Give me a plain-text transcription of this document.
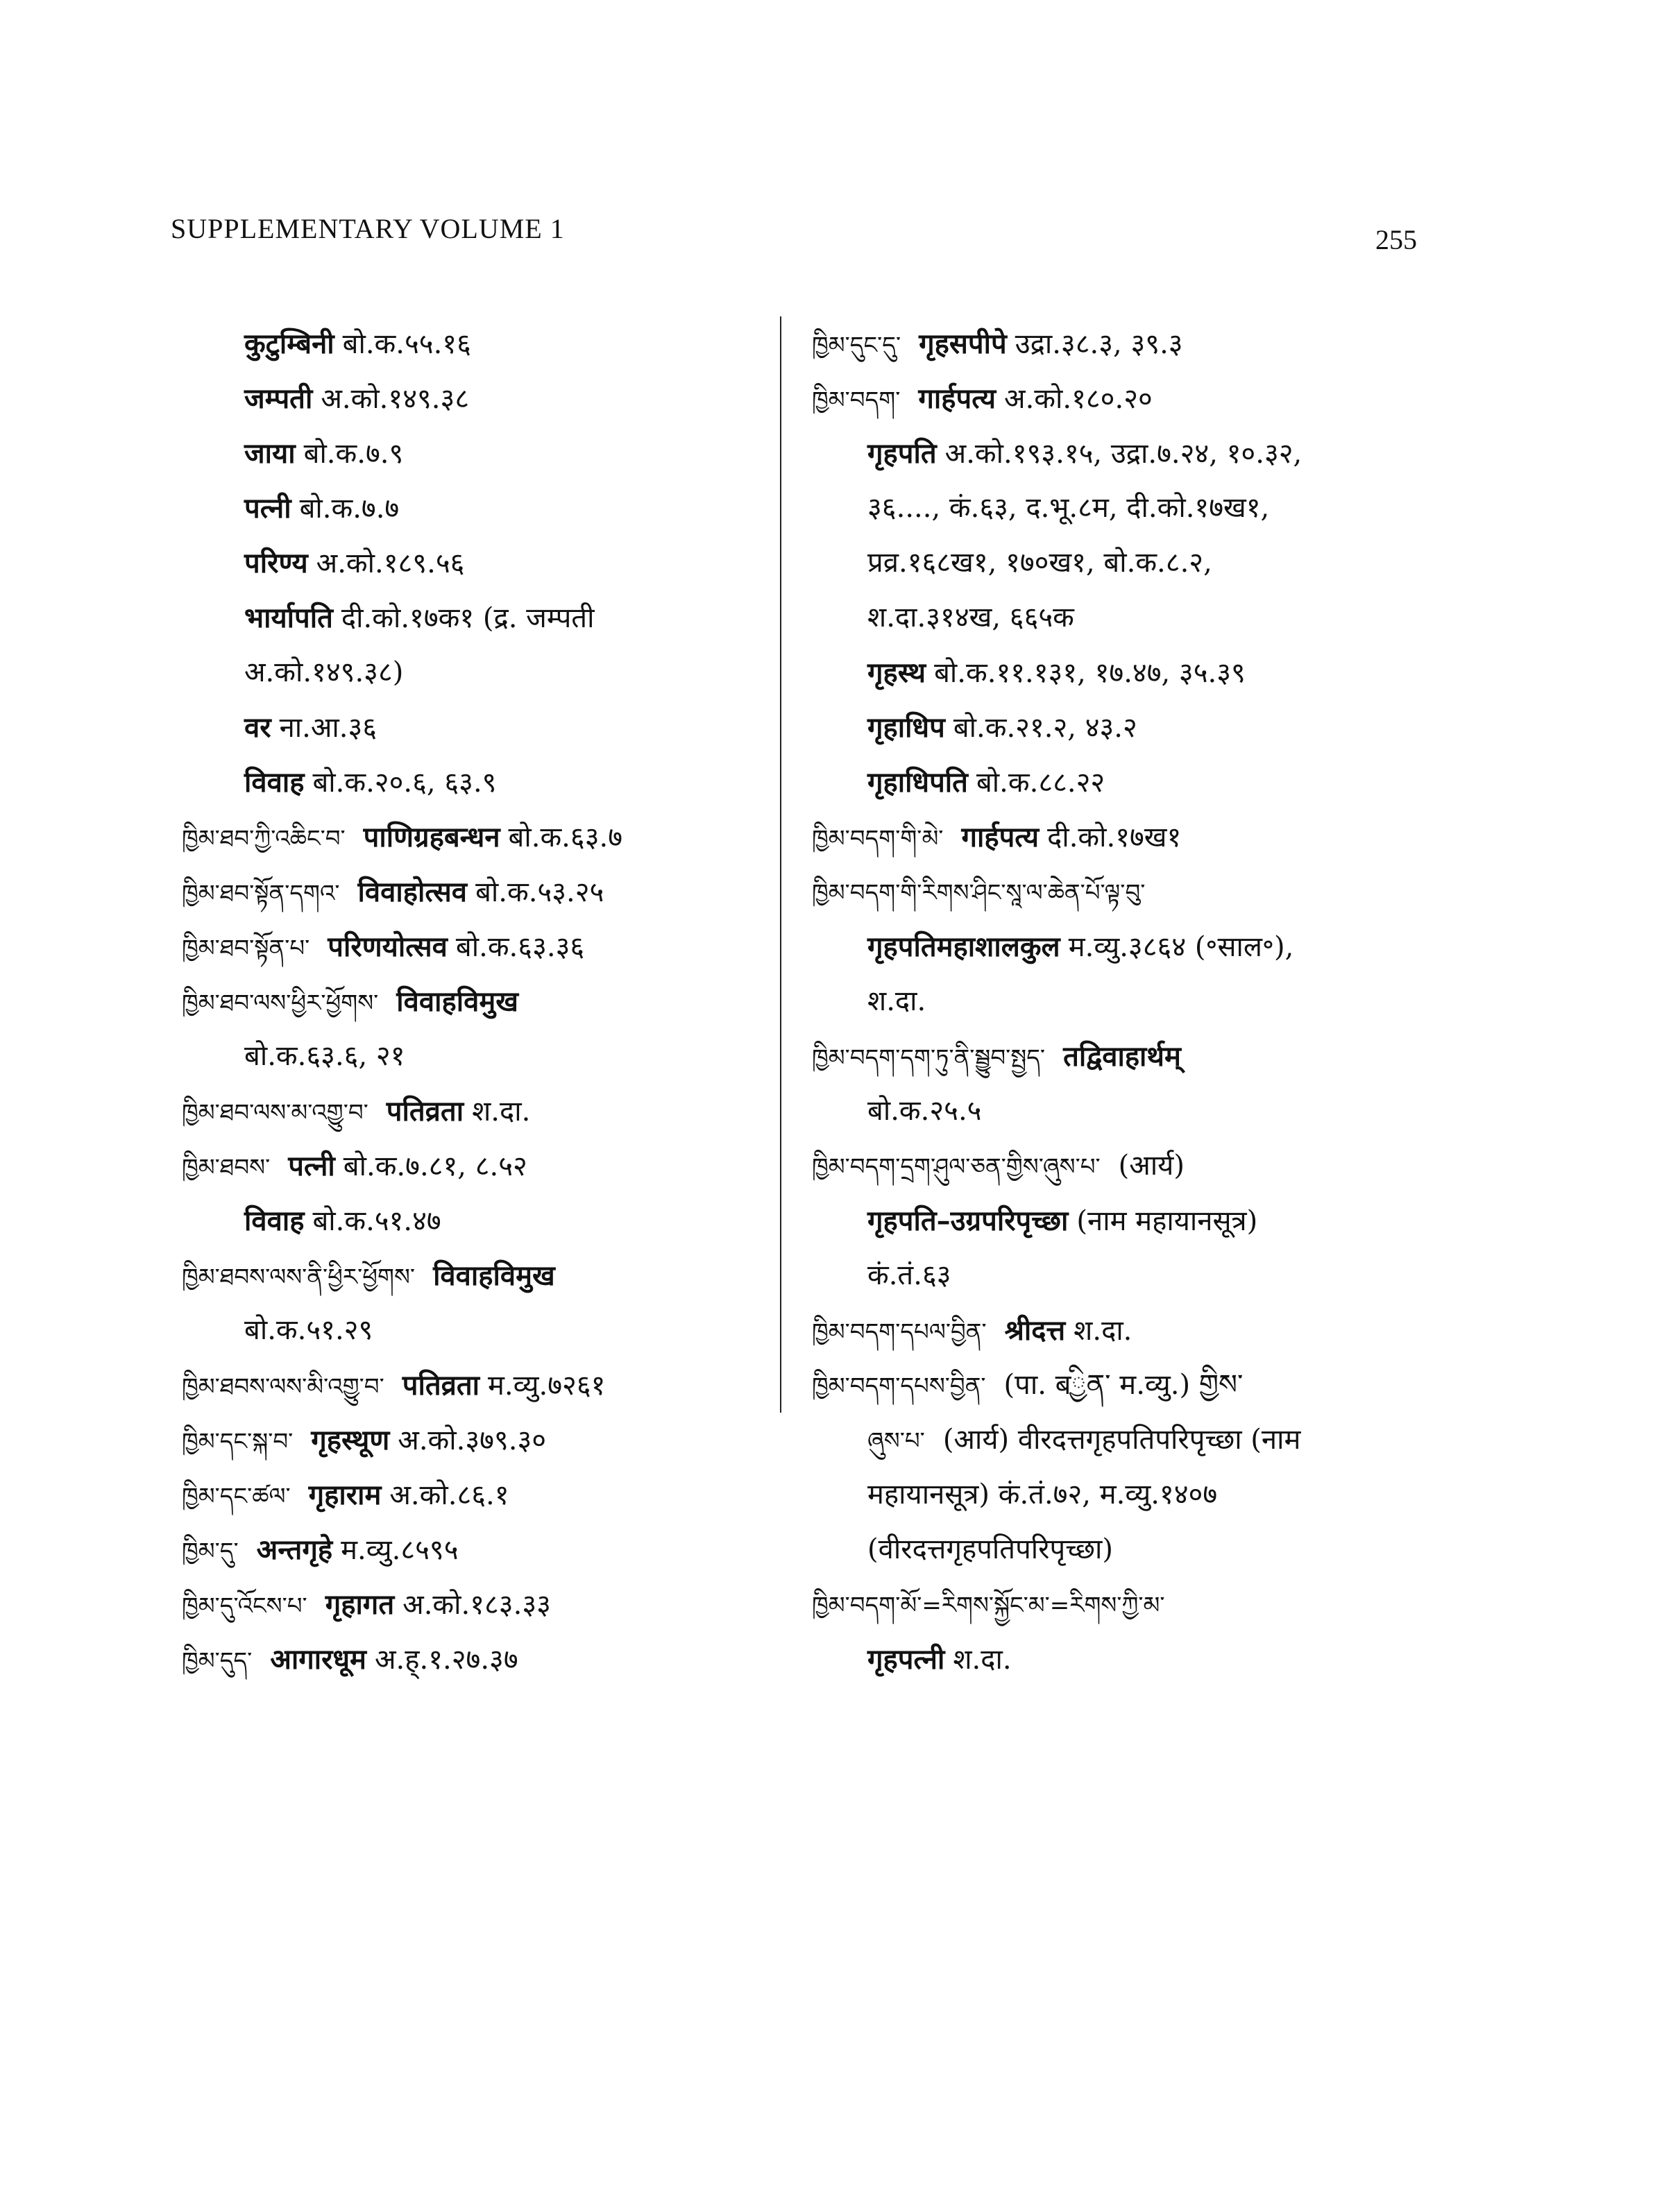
SUPPLEMENTARY VOLUME 1	255
कुटुम्बिनी बो.क.५५.१६
जम्पती अ.को.१४९.३८
जाया बो.क.७.९
पत्नी बो.क.७.७
परिण्य अ.को.१८९.५६
भार्यापति दी.को.१७क१ (द्र. जम्पती
अ.को.१४९.३८)
वर ना.आ.३६
विवाह बो.क.२०.६, ६३.९
ཁྱིམ་ཐབ་ཀྱི་འཆིང་བ་ पाणिग्रहबन्धन बो.क.६३.७
ཁྱིམ་ཐབ་སྟོན་དགའ་ विवाहोत्सव बो.क.५३.२५
ཁྱིམ་ཐབ་སྟོན་པ་ परिणयोत्सव बो.क.६३.३६
ཁྱིམ་ཐབ་ལས་ཕྱིར་ཕྱོགས་ विवाहविमुख
बो.क.६३.६, २१
ཁྱིམ་ཐབ་ལས་མ་འགྱུ་བ་ पतिव्रता श.दा.
ཁྱིམ་ཐབས་ पत्नी बो.क.७.८१, ८.५२
विवाह बो.क.५१.४७
ཁྱིམ་ཐབས་ལས་ནི་ཕྱིར་ཕྱོགས་ विवाहविमुख
बो.क.५१.२९
ཁྱིམ་ཐབས་ལས་མི་འགྱུ་བ་ पतिव्रता म.व्यु.७२६१
ཁྱིམ་དང་སྐ་བ་ गृहस्थूण अ.को.३७९.३०
ཁྱིམ་དང་ཚལ་ गृहाराम अ.को.८६.१
ཁྱིམ་དུ་ अन्तगृहे म.व्यु.८५९५
ཁྱིམ་དུ་འོངས་པ་ गृहागत अ.को.१८३.३३
ཁྱིམ་དུད་ आगारधूम अ.ह्.१.२७.३७
ཁྱིམ་དུང་དུ་ गृहसपीपे उद्रा.३८.३, ३९.३
ཁྱིམ་བདག་ गार्हपत्य अ.को.१८०.२०
गृहपति अ.को.१९३.१५, उद्रा.७.२४, १०.३२,
३६...., कं.६३, द.भू.८म, दी.को.१७ख१,
प्रव्र.१६८ख१, १७०ख१, बो.क.८.२,
श.दा.३१४ख, ६६५क
गृहस्थ बो.क.११.१३१, १७.४७, ३५.३९
गृहाधिप बो.क.२१.२, ४३.२
गृहाधिपति बो.क.८८.२२
ཁྱིམ་བདག་གི་མེ་ गार्हपत्य दी.को.१७ख१
ཁྱིམ་བདག་གི་རིགས་ཤིང་སཱ་ལ་ཆེན་པོ་ལྟ་བུ་
गृहपतिमहाशालकुल म.व्यु.३८६४ (॰साल॰),
श.दा.
ཁྱིམ་བདག་དག་ཏུ་ནི་སྦྱུབ་སྤྱད་ तद्विवाहार्थम्
बो.क.२५.५
ཁྱིམ་བདག་དྲག་ཤུལ་ཅན་གྱིས་ཞུས་པ་ (आर्य)
गृहपति–उग्रपरिपृच्छा (नाम महायानसूत्र)
कं.तं.६३
ཁྱིམ་བདག་དཔལ་བྱིན་ श्रीदत्त श.दा.
ཁྱིམ་བདག་དཔས་བྱིན་ (पा. बྱིན་ म.व्यु.) གྱིས་
ཞུས་པ་ (आर्य) वीरदत्तगृहपतिपरिपृच्छा (नाम
महायानसूत्र) कं.तं.७२, म.व्यु.१४०७
(वीरदत्तगृहपतिपरिपृच्छा)
ཁྱིམ་བདག་མོ་=རིགས་སྐྱོང་མ་=རིགས་ཀྱི་མ་
गृहपत्नी श.दा.
